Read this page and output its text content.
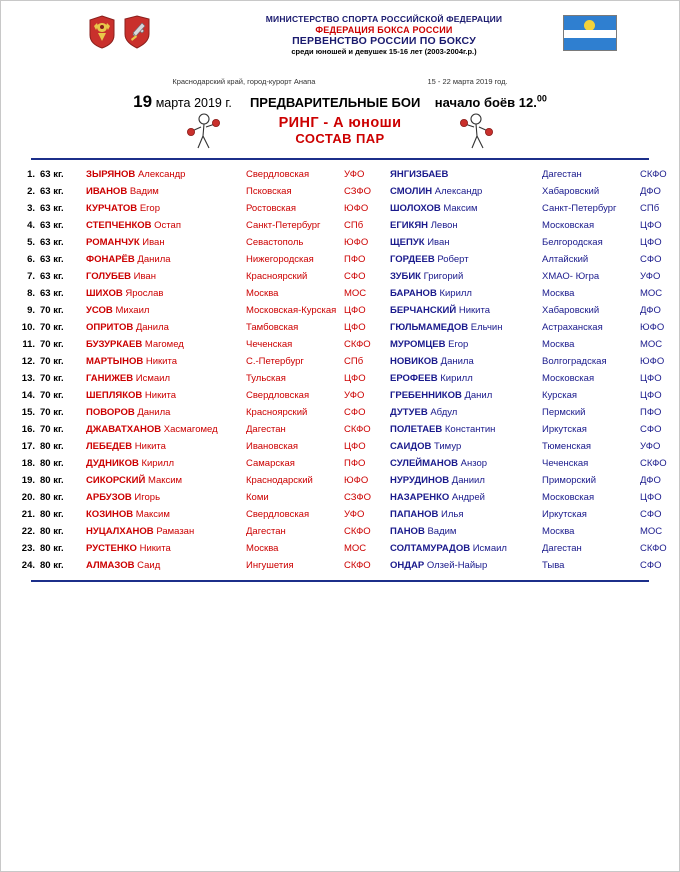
МИНИСТЕРСТВО СПОРТА РОССИЙСКОЙ ФЕДЕРАЦИИ
ФЕДЕРАЦИЯ БОКСА РОССИИ
ПЕРВЕНСТВО РОССИИ ПО БОКСУ
среди юношей и девушек 15-16 лет (2003-2004г.р.)
Краснодарский край, город-курорт Анапа	15 - 22 марта 2019 год.
19 марта 2019 г. ПРЕДВАРИТЕЛЬНЫЕ БОИ начало боёв 12.00
РИНГ - А юноши
СОСТАВ ПАР
1.	63 кг.	ЗЫРЯНОВ Александр	Свердловская	УФО	ЯНГИЗБАЕВ	Дагестан	СКФО
2.	63 кг.	ИВАНОВ Вадим	Псковская	СЗФО	СМОЛИН Александр	Хабаровский	ДФО
3.	63 кг.	КУРЧАТОВ Егор	Ростовская	ЮФО	ШОЛОХОВ Максим	Санкт-Петербург	СПб
4.	63 кг.	СТЕПЧЕНКОВ Остап	Санкт-Петербург	СПб	ЕГИКЯН Левон	Московская	ЦФО
5.	63 кг.	РОМАНЧУК Иван	Севастополь	ЮФО	ЩЕПУК Иван	Белгородская	ЦФО
6.	63 кг.	ФОНАРЁВ Данила	Нижегородская	ПФО	ГОРДЕЕВ Роберт	Алтайский	СФО
7.	63 кг.	ГОЛУБЕВ Иван	Красноярский	СФО	ЗУБИК Григорий	ХМАО- Югра	УФО
8.	63 кг.	ШИХОВ Ярослав	Москва	МОС	БАРАНОВ Кирилл	Москва	МОС
9.	70 кг.	УСОВ Михаил	Московская-Курская	ЦФО	БЕРЧАНСКИЙ Никита	Хабаровский	ДФО
10.	70 кг.	ОПРИТОВ Данила	Тамбовская	ЦФО	ГЮЛЬМАМЕДОВ Ельчин	Астраханская	ЮФО
11.	70 кг.	БУЗУРКАЕВ Магомед	Чеченская	СКФО	МУРОМЦЕВ Егор	Москва	МОС
12.	70 кг.	МАРТЫНОВ Никита	С.-Петербург	СПб	НОВИКОВ Данила	Волгоградская	ЮФО
13.	70 кг.	ГАНИЖЕВ Исмаил	Тульская	ЦФО	ЕРОФЕЕВ Кирилл	Московская	ЦФО
14.	70 кг.	ШЕПЛЯКОВ Никита	Свердловская	УФО	ГРЕБЕННИКОВ Данил	Курская	ЦФО
15.	70 кг.	ПОВОРОВ Данила	Красноярский	СФО	ДУТУЕВ Абдул	Пермский	ПФО
16.	70 кг.	ДЖАВАТХАНОВ Хасмагомед	Дагестан	СКФО	ПОЛЕТАЕВ Константин	Иркутская	СФО
17.	80 кг.	ЛЕБЕДЕВ Никита	Ивановская	ЦФО	САИДОВ Тимур	Тюменская	УФО
18.	80 кг.	ДУДНИКОВ Кирилл	Самарская	ПФО	СУЛЕЙМАНОВ Анзор	Чеченская	СКФО
19.	80 кг.	СИКОРСКИЙ Максим	Краснодарский	ЮФО	НУРУДИНОВ Даниил	Приморский	ДФО
20.	80 кг.	АРБУЗОВ Игорь	Коми	СЗФО	НАЗАРЕНКО Андрей	Московская	ЦФО
21.	80 кг.	КОЗИНОВ Максим	Свердловская	УФО	ПАПАНОВ Илья	Иркутская	СФО
22.	80 кг.	НУЦАЛХАНОВ Рамазан	Дагестан	СКФО	ПАНОВ Вадим	Москва	МОС
23.	80 кг.	РУСТЕНКО Никита	Москва	МОС	СОЛТАМУРАДОВ Исмаил	Дагестан	СКФО
24.	80 кг.	АЛМАЗОВ Саид	Ингушетия	СКФО	ОНДАР Олзей-Найыр	Тыва	СФО
